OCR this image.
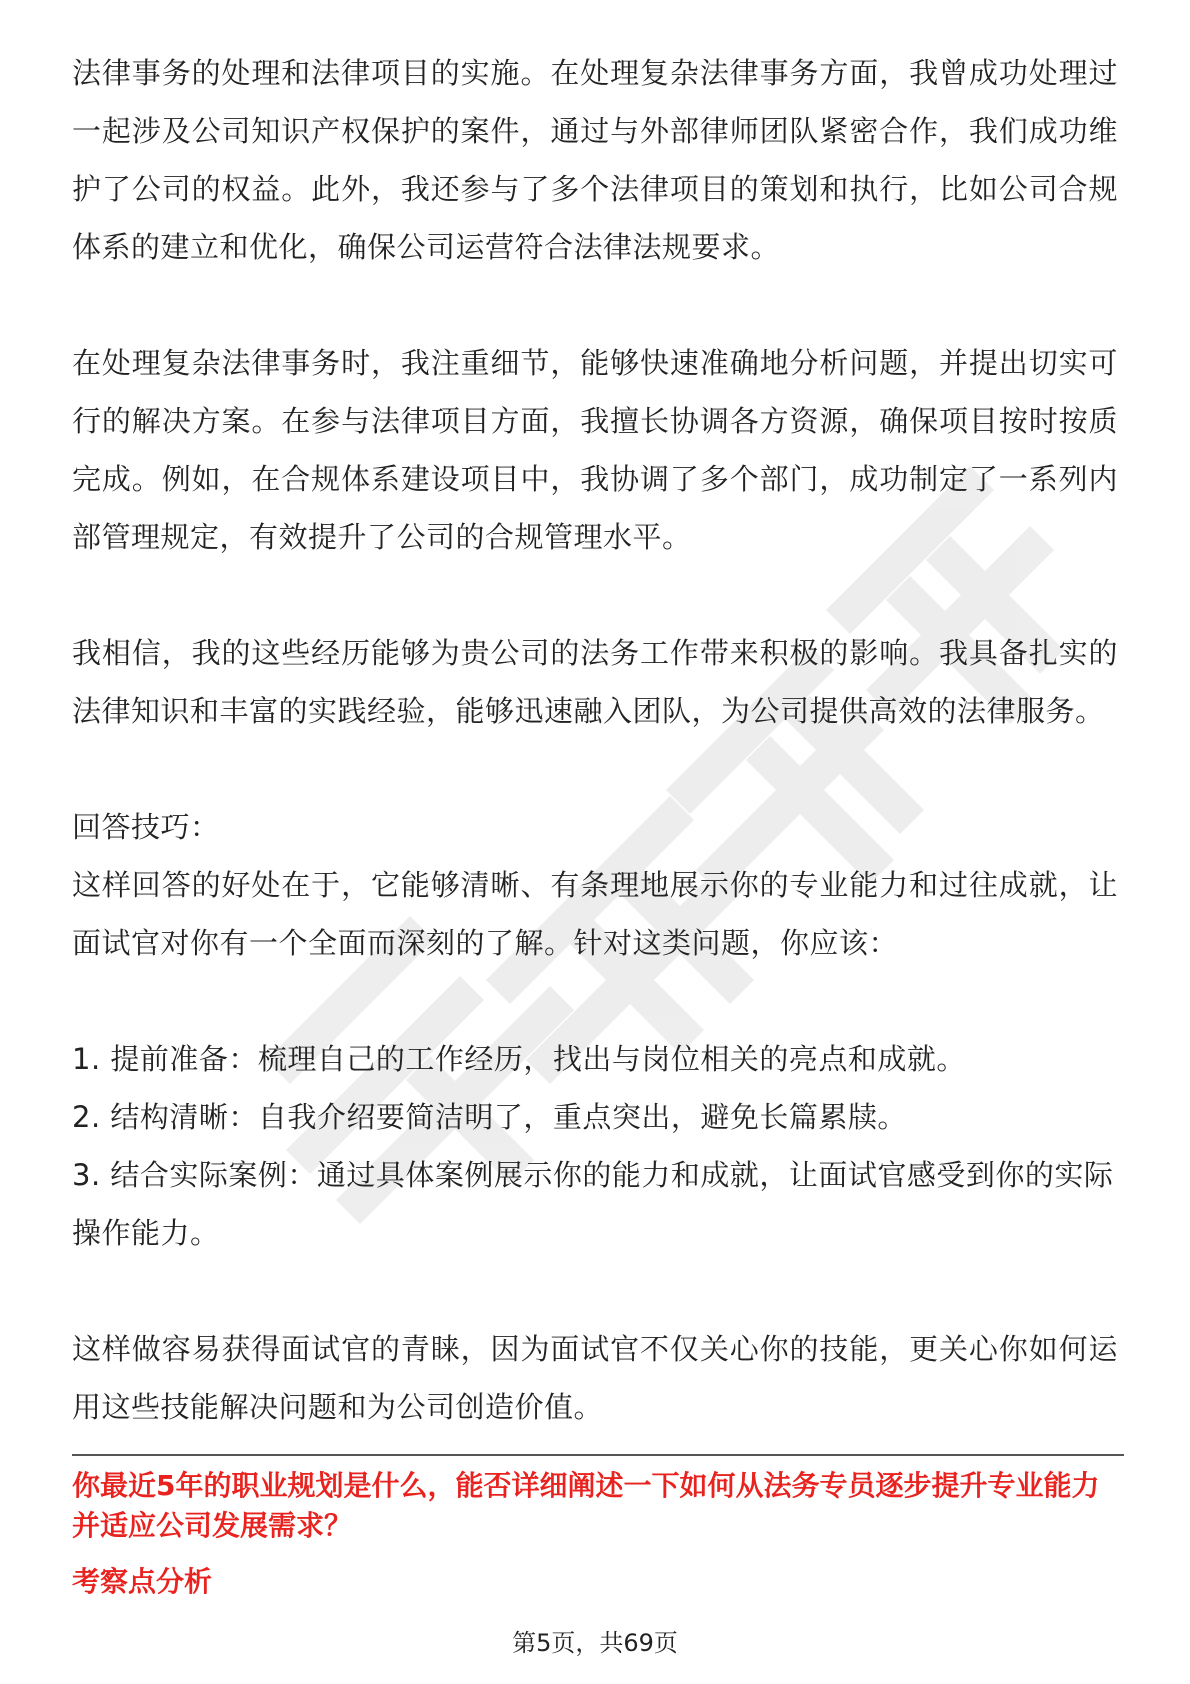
法律事务的处理和法律项目的实施。在处理复杂法律事务方面，我曾成功处理过一起涉及公司知识产权保护的案件，通过与外部律师团队紧密合作，我们成功维护了公司的权益。此外，我还参与了多个法律项目的策划和执行，比如公司合规体系的建立和优化，确保公司运营符合法律法规要求。

在处理复杂法律事务时，我注重细节，能够快速准确地分析问题，并提出切实可行的解决方案。在参与法律项目方面，我擅长协调各方资源，确保项目按时按质完成。例如，在合规体系建设项目中，我协调了多个部门，成功制定了一系列内部管理规定，有效提升了公司的合规管理水平。

我相信，我的这些经历能够为贵公司的法务工作带来积极的影响。我具备扎实的法律知识和丰富的实践经验，能够迅速融入团队，为公司提供高效的法律服务。

回答技巧：

这样回答的好处在于，它能够清晰、有条理地展示你的专业能力和过往成就，让面试官对你有一个全面而深刻的了解。针对这类问题，你应该：

1. 提前准备：梳理自己的工作经历，找出与岗位相关的亮点和成就。

2. 结构清晰：自我介绍要简洁明了，重点突出，避免长篇累牍。

3. 结合实际案例：通过具体案例展示你的能力和成就，让面试官感受到你的实际操作能力。

这样做容易获得面试官的青睐，因为面试官不仅关心你的技能，更关心你如何运用这些技能解决问题和为公司创造价值。

你最近5年的职业规划是什么，能否详细阐述一下如何从法务专员逐步提升专业能力并适应公司发展需求？

考察点分析

第5页，共69页
